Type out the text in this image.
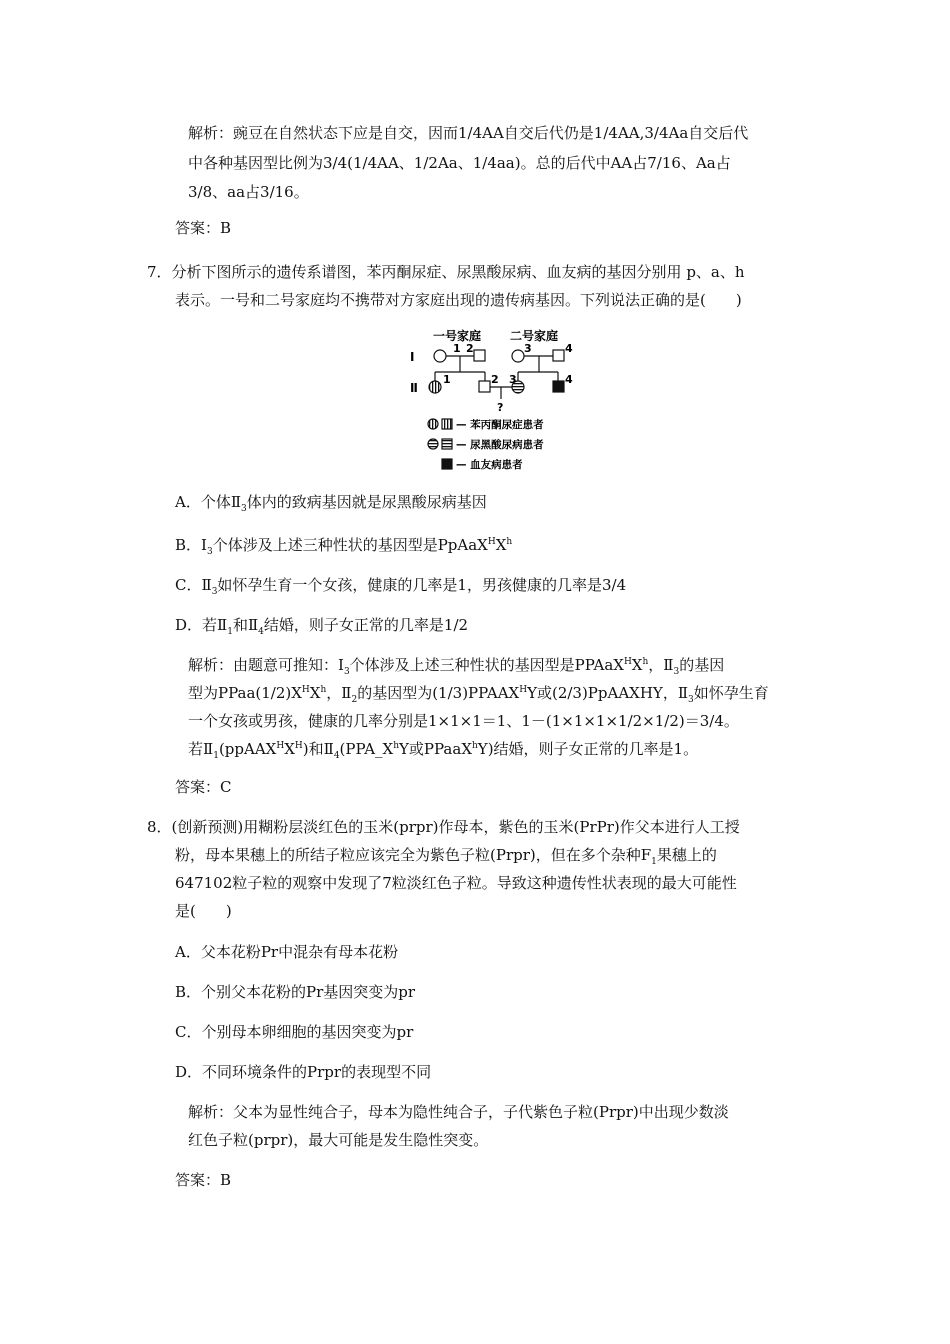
解析：豌豆在自然状态下应是自交，因而1/4AA自交后代仍是1/4AA,3/4Aa自交后代
中各种基因型比例为3/4(1/4AA、1/2Aa、1/4aa)。总的后代中AA占7/16、Aa占
3/8、aa占3/16。
答案：B
7．分析下图所示的遗传系谱图，苯丙酮尿症、尿黑酸尿病、血友病的基因分别用 p、a、h
表示。一号和二号家庭均不携带对方家庭出现的遗传病基因。下列说法正确的是(　　)
一号家庭 二号家庭
Ⅰ
Ⅱ
1 2	3	4
1	2 3	4
?
— 苯丙酮尿症患者
— 尿黑酸尿病患者
— 血友病患者
A．个体$Ⅱ_3$体内的致病基因就是尿黑酸尿病基因
B．$Ⅰ_3$个体涉及上述三种性状的基因型是$PpAaX^HX^h$
C．$Ⅱ_3$如怀孕生育一个女孩，健康的几率是1，男孩健康的几率是3/4
D．若$Ⅱ_1$和$Ⅱ_4$结婚，则子女正常的几率是1/2
解析：由题意可推知：$Ⅰ_3$个体涉及上述三种性状的基因型是$PPAaX^HX^h$，$Ⅱ_3$的基因
型为$PPaa(1/2)X^HX^h$，$Ⅱ_2$的基因型为$(1/3)PPAAX^HY$或(2/3)PpAAXHY，$Ⅱ_3$如怀孕生育
一个女孩或男孩，健康的几率分别是1×1×1＝1、1－(1×1×1×1/2×1/2)＝3/4。
若$Ⅱ_1(ppAAX^HX^H)$和$Ⅱ_4(PPA\_X^hY$或PPaaX$^h$Y)结婚，则子女正常的几率是1。
答案：C
8．(创新预测)用糊粉层淡红色的玉米(prpr)作母本，紫色的玉米(PrPr)作父本进行人工授
粉，母本果穗上的所结子粒应该完全为紫色子粒(Prpr)，但在多个杂种$F_1$果穗上的
647102粒子粒的观察中发现了7粒淡红色子粒。导致这种遗传性状表现的最大可能性
是(　　)
A．父本花粉Pr中混杂有母本花粉
B．个别父本花粉的Pr基因突变为pr
C．个别母本卵细胞的基因突变为pr
D．不同环境条件的Prpr的表现型不同
解析：父本为显性纯合子，母本为隐性纯合子，子代紫色子粒(Prpr)中出现少数淡
红色子粒(prpr)，最大可能是发生隐性突变。
答案：B
